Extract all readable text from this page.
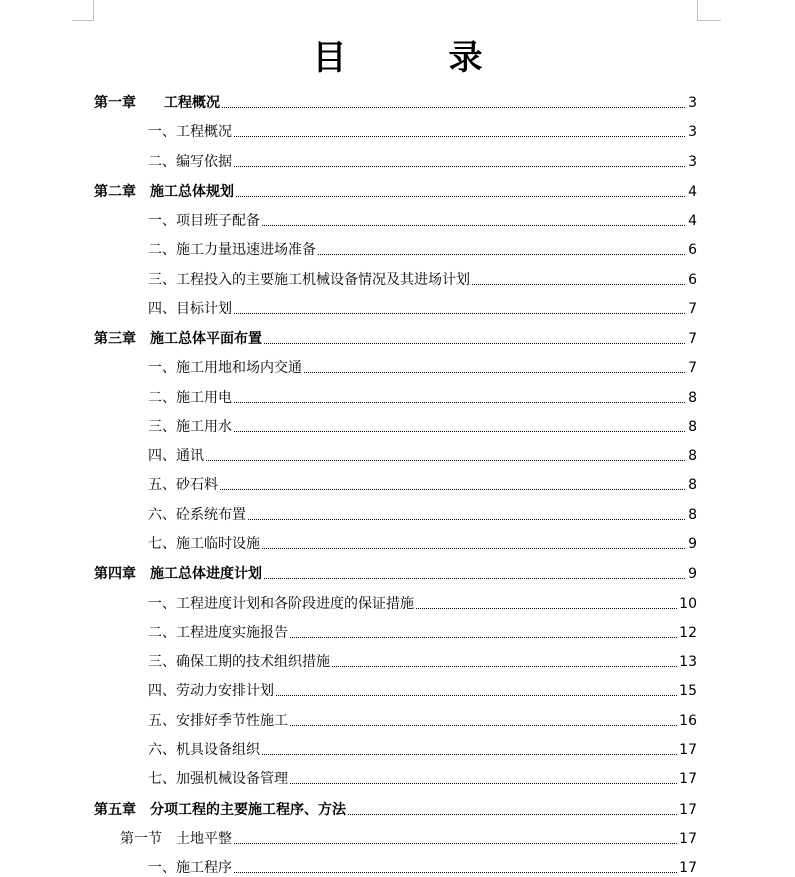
目　录
第一章　　工程概况	3
一、工程概况	3
二、编写依据	3
第二章　施工总体规划	4
一、项目班子配备	4
二、施工力量迅速进场准备	6
三、工程投入的主要施工机械设备情况及其进场计划	6
四、目标计划	7
第三章　施工总体平面布置	7
一、施工用地和场内交通	7
二、施工用电	8
三、施工用水	8
四、通讯	8
五、砂石料	8
六、砼系统布置	8
七、施工临时设施	9
第四章　施工总体进度计划	9
一、工程进度计划和各阶段进度的保证措施	10
二、工程进度实施报告	12
三、确保工期的技术组织措施	13
四、劳动力安排计划	15
五、安排好季节性施工	16
六、机具设备组织	17
七、加强机械设备管理	17
第五章　分项工程的主要施工程序、方法	17
第一节　土地平整	17
一、施工程序	17
